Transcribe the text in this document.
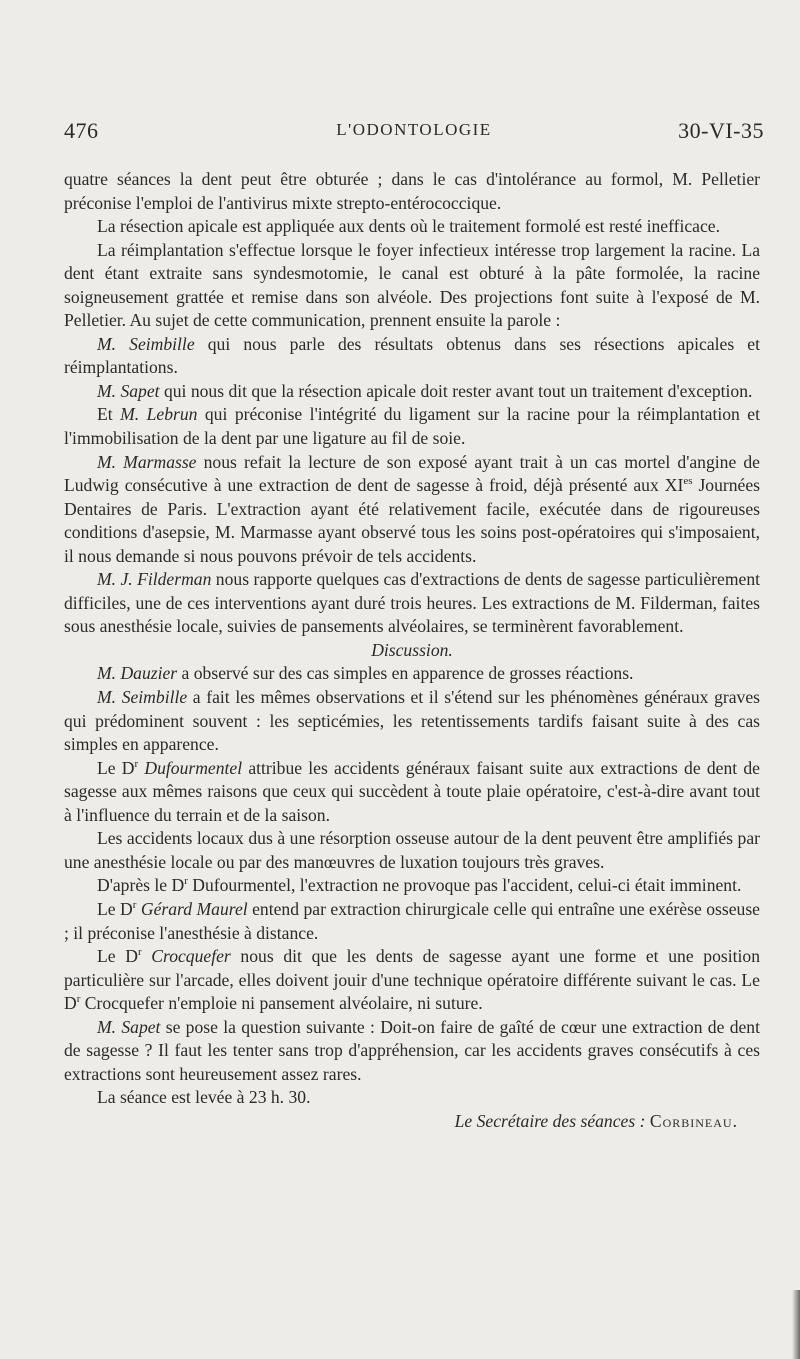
476	L'ODONTOLOGIE	30-VI-35

quatre séances la dent peut être obturée ; dans le cas d'intolérance au formol, M. Pelletier préconise l'emploi de l'antivirus mixte strepto-entérococcique.

La résection apicale est appliquée aux dents où le traitement formolé est resté inefficace.

La réimplantation s'effectue lorsque le foyer infectieux intéresse trop largement la racine. La dent étant extraite sans syndesmotomie, le canal est obturé à la pâte formolée, la racine soigneusement grattée et remise dans son alvéole. Des projections font suite à l'exposé de M. Pelletier. Au sujet de cette communication, prennent ensuite la parole :

M. Seimbille qui nous parle des résultats obtenus dans ses résections apicales et réimplantations.

M. Sapet qui nous dit que la résection apicale doit rester avant tout un traitement d'exception.

Et M. Lebrun qui préconise l'intégrité du ligament sur la racine pour la réimplantation et l'immobilisation de la dent par une ligature au fil de soie.

M. Marmasse nous refait la lecture de son exposé ayant trait à un cas mortel d'angine de Ludwig consécutive à une extraction de dent de sagesse à froid, déjà présenté aux $XI^{es}$ Journées Dentaires de Paris. L'extraction ayant été relativement facile, exécutée dans de rigoureuses conditions d'asepsie, M. Marmasse ayant observé tous les soins post-opératoires qui s'imposaient, il nous demande si nous pouvons prévoir de tels accidents.

M. J. Filderman nous rapporte quelques cas d'extractions de dents de sagesse particulièrement difficiles, une de ces interventions ayant duré trois heures. Les extractions de M. Filderman, faites sous anesthésie locale, suivies de pansements alvéolaires, se terminèrent favorablement.

Discussion.

M. Dauzier a observé sur des cas simples en apparence de grosses réactions.

M. Seimbille a fait les mêmes observations et il s'étend sur les phénomènes généraux graves qui prédominent souvent : les septicémies, les retentissements tardifs faisant suite à des cas simples en apparence.

Le $D^r$ Dufourmentel attribue les accidents généraux faisant suite aux extractions de dent de sagesse aux mêmes raisons que ceux qui succèdent à toute plaie opératoire, c'est-à-dire avant tout à l'influence du terrain et de la saison.

Les accidents locaux dus à une résorption osseuse autour de la dent peuvent être amplifiés par une anesthésie locale ou par des manœuvres de luxation toujours très graves.

D'après le $D^r$ Dufourmentel, l'extraction ne provoque pas l'accident, celui-ci était imminent.

Le $D^r$ Gérard Maurel entend par extraction chirurgicale celle qui entraîne une exérèse osseuse ; il préconise l'anesthésie à distance.

Le $D^r$ Crocquefer nous dit que les dents de sagesse ayant une forme et une position particulière sur l'arcade, elles doivent jouir d'une technique opératoire différente suivant le cas. Le $D^r$ Crocquefer n'emploie ni pansement alvéolaire, ni suture.

M. Sapet se pose la question suivante : Doit-on faire de gaîté de cœur une extraction de dent de sagesse ? Il faut les tenter sans trop d'appréhension, car les accidents graves consécutifs à ces extractions sont heureusement assez rares.

La séance est levée à 23 h. 30.

Le Secrétaire des séances : Corbineau.
